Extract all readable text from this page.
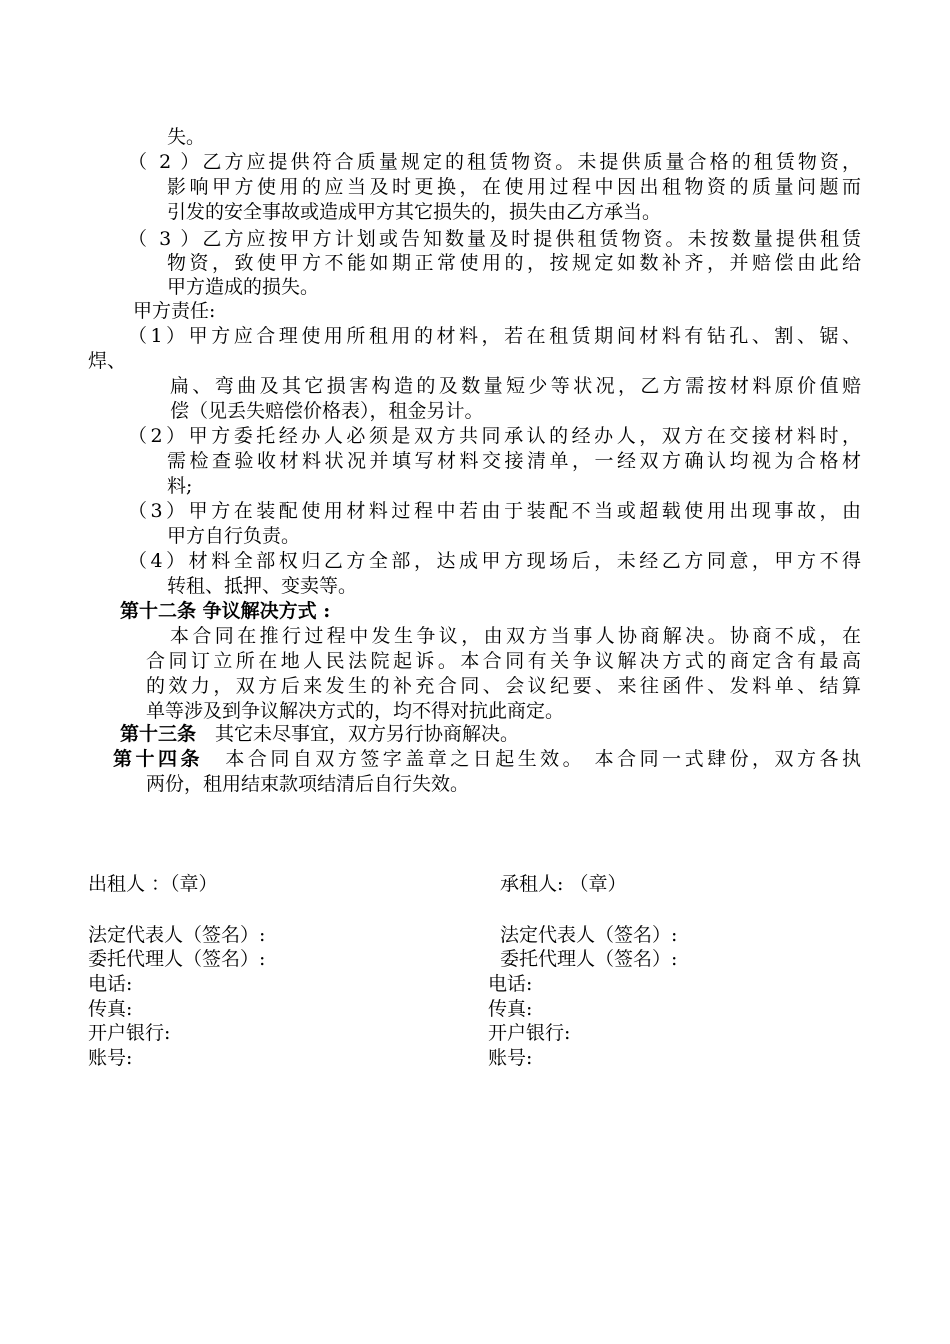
失。
（ 2 ）乙方应提供符合质量规定的租赁物资。未提供质量合格的租赁物资，
影响甲方使用的应当及时更换，在使用过程中因出租物资的质量问题而
引发的安全事故或造成甲方其它损失的，损失由乙方承当。
（ 3 ）乙方应按甲方计划或告知数量及时提供租赁物资。未按数量提供租赁
物资，致使甲方不能如期正常使用的，按规定如数补齐，并赔偿由此给
甲方造成的损失。
甲方责任:
（1）甲方应合理使用所租用的材料，若在租赁期间材料有钻孔、割、锯、
焊、
扁、弯曲及其它损害构造的及数量短少等状况，乙方需按材料原价值赔
偿（见丢失赔偿价格表），租金另计。
（2）甲方委托经办人必须是双方共同承认的经办人，双方在交接材料时，
需检查验收材料状况并填写材料交接清单，一经双方确认均视为合格材
料;
（3）甲方在装配使用材料过程中若由于装配不当或超载使用出现事故，由
甲方自行负责。
（4）材料全部权归乙方全部，达成甲方现场后，未经乙方同意，甲方不得
转租、抵押、变卖等。
第十二条 争议解决方式 :
本合同在推行过程中发生争议，由双方当事人协商解决。协商不成，在
合同订立所在地人民法院起诉。本合同有关争议解决方式的商定含有最高
的效力，双方后来发生的补充合同、会议纪要、来往函件、发料单、结算
单等涉及到争议解决方式的，均不得对抗此商定。
第十三条  其它未尽事宜，双方另行协商解决。
第十四条  本合同自双方签字盖章之日起生效。 本合同一式肆份，双方各执
两份，租用结束款项结清后自行失效。
出租人 ：（章）	承租人: （章）
法定代表人（签名）:	法定代表人（签名）:
委托代理人（签名）:	委托代理人（签名）:
电话:	电话:
传真:	传真:
开户银行:	开户银行:
账号:	账号:
